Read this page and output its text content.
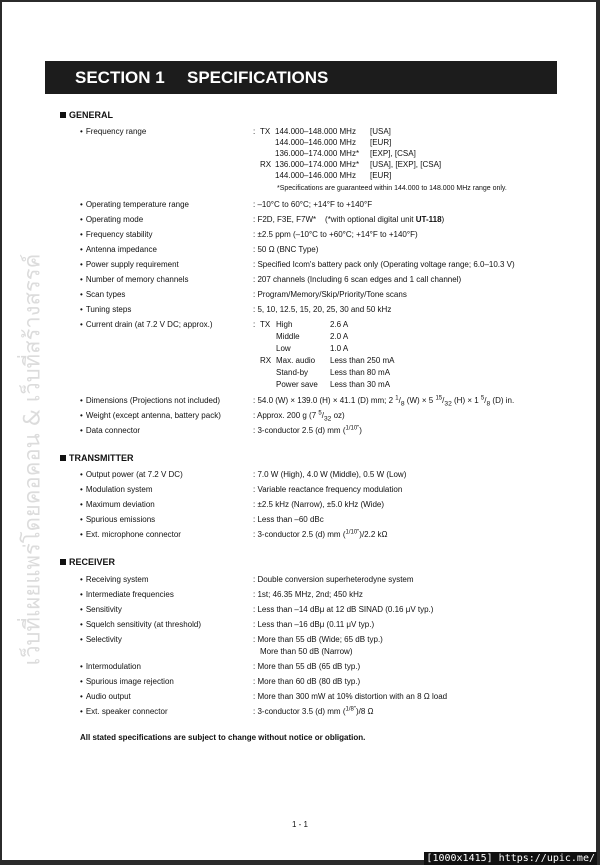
เว็บที่เผยแพร่โดยคอคอน & เว็บที่สร้างสรรค์
SECTION 1 SPECIFICATIONS
GENERAL
• Frequency range	: TX 144.000–148.000 MHz [USA]
144.000–146.000 MHz [EUR]
136.000–174.000 MHz* [EXP], [CSA]
RX 136.000–174.000 MHz* [USA], [EXP], [CSA]
144.000–146.000 MHz [EUR]
*Specifications are guaranteed within 144.000 to 148.000 MHz range only.
• Operating temperature range	: –10°C to 60°C; +14°F to +140°F
• Operating mode	: F2D, F3E, F7W* (*with optional digital unit UT-118)
• Frequency stability	: ±2.5 ppm (–10°C to +60°C; +14°F to +140°F)
• Antenna impedance	: 50 Ω (BNC Type)
• Power supply requirement	: Specified Icom's battery pack only (Operating voltage range; 6.0–10.3 V)
• Number of memory channels	: 207 channels (Including 6 scan edges and 1 call channel)
• Scan types	: Program/Memory/Skip/Priority/Tone scans
• Tuning steps	: 5, 10, 12.5, 15, 20, 25, 30 and 50 kHz
• Current drain (at 7.2 V DC; approx.)	: TX High	2.6 A
Middle	2.0 A
Low	1.0 A
RX Max. audio Less than 250 mA
Stand-by	Less than 80 mA
Power save Less than 30 mA
• Dimensions (Projections not included)	: 54.0 (W) × 139.0 (H) × 41.1 (D) mm; 2 $^1/_8$ (W) × 5 $^{15}/_{32}$ (H) × 1 $^5/_8$ (D) in.
• Weight (except antenna, battery pack)	: Approx. 200 g (7 $^5/_{32}$ oz)
• Data connector	: 3-conductor 2.5 (d) mm ($^{1/10"}$)
TRANSMITTER
• Output power (at 7.2 V DC)	: 7.0 W (High), 4.0 W (Middle), 0.5 W (Low)
• Modulation system	: Variable reactance frequency modulation
• Maximum deviation	: ±2.5 kHz (Narrow), ±5.0 kHz (Wide)
• Spurious emissions	: Less than –60 dBc
• Ext. microphone connector	: 3-conductor 2.5 (d) mm ($^{1/10"}$)/2.2 kΩ
RECEIVER
• Receiving system	: Double conversion superheterodyne system
• Intermediate frequencies	: 1st; 46.35 MHz, 2nd; 450 kHz
• Sensitivity	: Less than –14 dBμ at 12 dB SINAD (0.16 μV typ.)
• Squelch sensitivity (at threshold)	: Less than –16 dBμ (0.11 μV typ.)
• Selectivity	: More than 55 dB (Wide; 65 dB typ.)
More than 50 dB (Narrow)
• Intermodulation	: More than 55 dB (65 dB typ.)
• Spurious image rejection	: More than 60 dB (80 dB typ.)
• Audio output	: More than 300 mW at 10% distortion with an 8 Ω load
• Ext. speaker connector	: 3-conductor 3.5 (d) mm ($^{1/8"}$)/8 Ω
All stated specifications are subject to change without notice or obligation.
1 - 1
[1000x1415] https://upic.me/
